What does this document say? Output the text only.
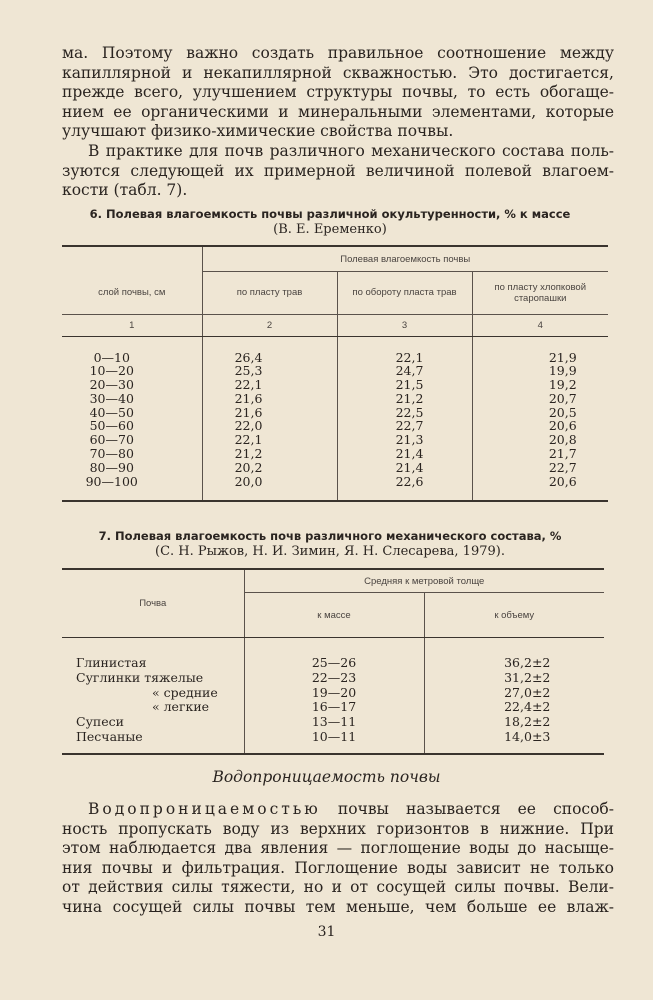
ма. Поэтому важно создать правильное соотношение между
капиллярной и некапиллярной скважностью. Это достигается,
прежде всего, улучшением структуры почвы, то есть обогаще-
нием ее органическими и минеральными элементами, которые
улучшают физико-химические свойства почвы.

В практике для почв различного механического состава поль-
зуются следующей их примерной величиной полевой влагоем-
кости (табл. 7).

6. Полевая влагоемкость почвы различной окультуренности, % к массе
(В. Е. Еременко)
	Полевая влагоемкость почвы		
слой почвы, см	по пласту трав	по обороту пласта трав	по пласту хлопковой старопашки
1	2	3	4

0—10	26,4	22,1	21,9
10—20	25,3	24,7	19,9
20—30	22,1	21,5	19,2
30—40	21,6	21,2	20,7
40—50	21,6	22,5	20,5
50—60	22,0	22,7	20,6
60—70	22,1	21,3	20,8
70—80	21,2	21,4	21,7
80—90	20,2	21,4	22,7
90—100	20,0	22,6	20,6

7. Полевая влагоемкость почв различного механического состава, %
(С. Н. Рыжов, Н. И. Зимин, Я. Н. Слесарева, 1979).
Почва	Средняя к метровой толще	
	к массе	к объему

Глинистая	25—26	36,2±2
Суглинки тяжелые	22—23	31,2±2
« средние	19—20	27,0±2
« легкие	16—17	22,4±2
Супеси	13—11	18,2±2
Песчаные	10—11	14,0±3

Водопроницаемость почвы

Водопроницаемостью почвы называется ее способ-
ность пропускать воду из верхних горизонтов в нижние. При
этом наблюдается два явления — поглощение воды до насыще-
ния почвы и фильтрация. Поглощение воды зависит не только
от действия силы тяжести, но и от сосущей силы почвы. Вели-
чина сосущей силы почвы тем меньше, чем больше ее влаж-

31
